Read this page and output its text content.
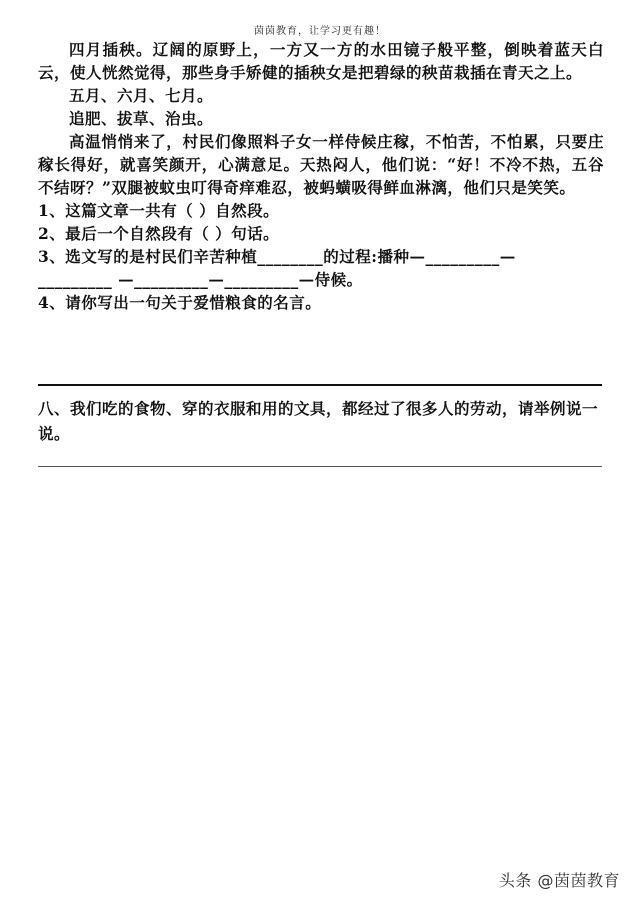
茵茵教育，让学习更有趣！

四月插秧。辽阔的原野上，一方又一方的水田镜子般平整，倒映着蓝天白云，使人恍然觉得，那些身手矫健的插秧女是把碧绿的秧苗栽插在青天之上。

五月、六月、七月。

追肥、拔草、治虫。

高温悄悄来了，村民们像照料子女一样侍候庄稼，不怕苦，不怕累，只要庄稼长得好，就喜笑颜开，心满意足。天热闷人，他们说：“好！不冷不热，五谷不结呀？”双腿被蚊虫叮得奇痒难忍，被蚂蟥吸得鲜血淋漓，他们只是笑笑。

1、这篇文章一共有（ ）自然段。

2、最后一个自然段有（ ）句话。

3、选文写的是村民们辛苦种植________的过程:播种—_________—

_________ —_________—_________—侍候。

4、请你写出一句关于爱惜粮食的名言。

八、我们吃的食物、穿的衣服和用的文具，都经过了很多人的劳动，请举例说一说。
头条 @茵茵教育
